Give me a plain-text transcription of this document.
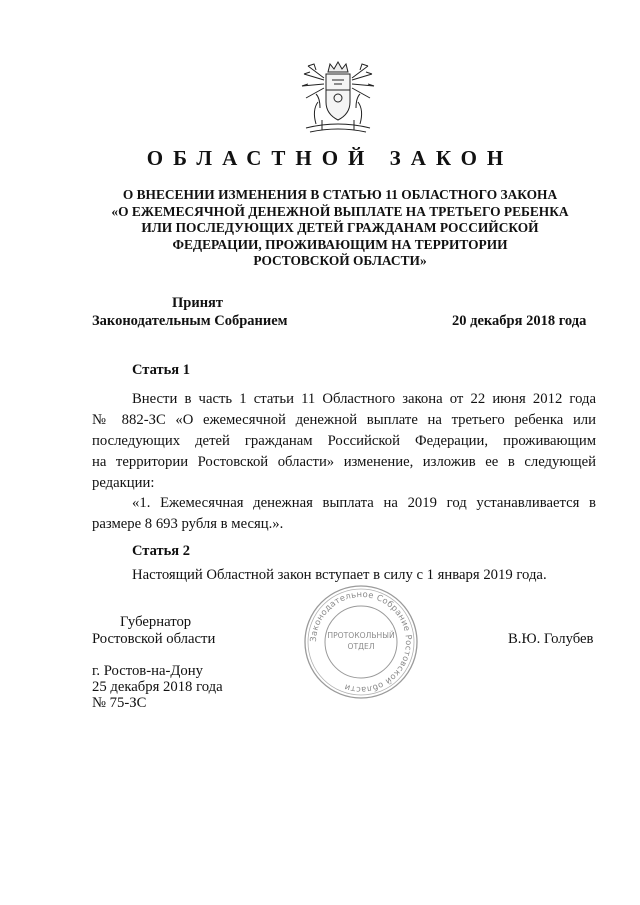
ОБЛАСТНОЙ ЗАКОН
О ВНЕСЕНИИ ИЗМЕНЕНИЯ В СТАТЬЮ 11 ОБЛАСТНОГО ЗАКОНА
«О ЕЖЕМЕСЯЧНОЙ ДЕНЕЖНОЙ ВЫПЛАТЕ НА ТРЕТЬЕГО РЕБЕНКА
ИЛИ ПОСЛЕДУЮЩИХ ДЕТЕЙ ГРАЖДАНАМ РОССИЙСКОЙ
ФЕДЕРАЦИИ, ПРОЖИВАЮЩИМ НА ТЕРРИТОРИИ
РОСТОВСКОЙ ОБЛАСТИ»
Принят
Законодательным Собранием	20 декабря 2018 года
Статья 1
Внести в часть 1 статьи 11 Областного закона от 22 июня 2012 года
№ 882-ЗС «О ежемесячной денежной выплате на третьего ребенка или
последующих детей гражданам Российской Федерации, проживающим
на территории Ростовской области» изменение, изложив ее в следующей
редакции:
«1. Ежемесячная денежная выплата на 2019 год устанавливается в
размере 8 693 рубля в месяц.».
Статья 2
Настоящий Областной закон вступает в силу с 1 января 2019 года.
Губернатор
Ростовской области	В.Ю. Голубев
г. Ростов-на-Дону
25 декабря 2018 года
№ 75-ЗС
Законодательное Собрание Ростовской области
ПРОТОКОЛЬНЫЙ
ОТДЕЛ
